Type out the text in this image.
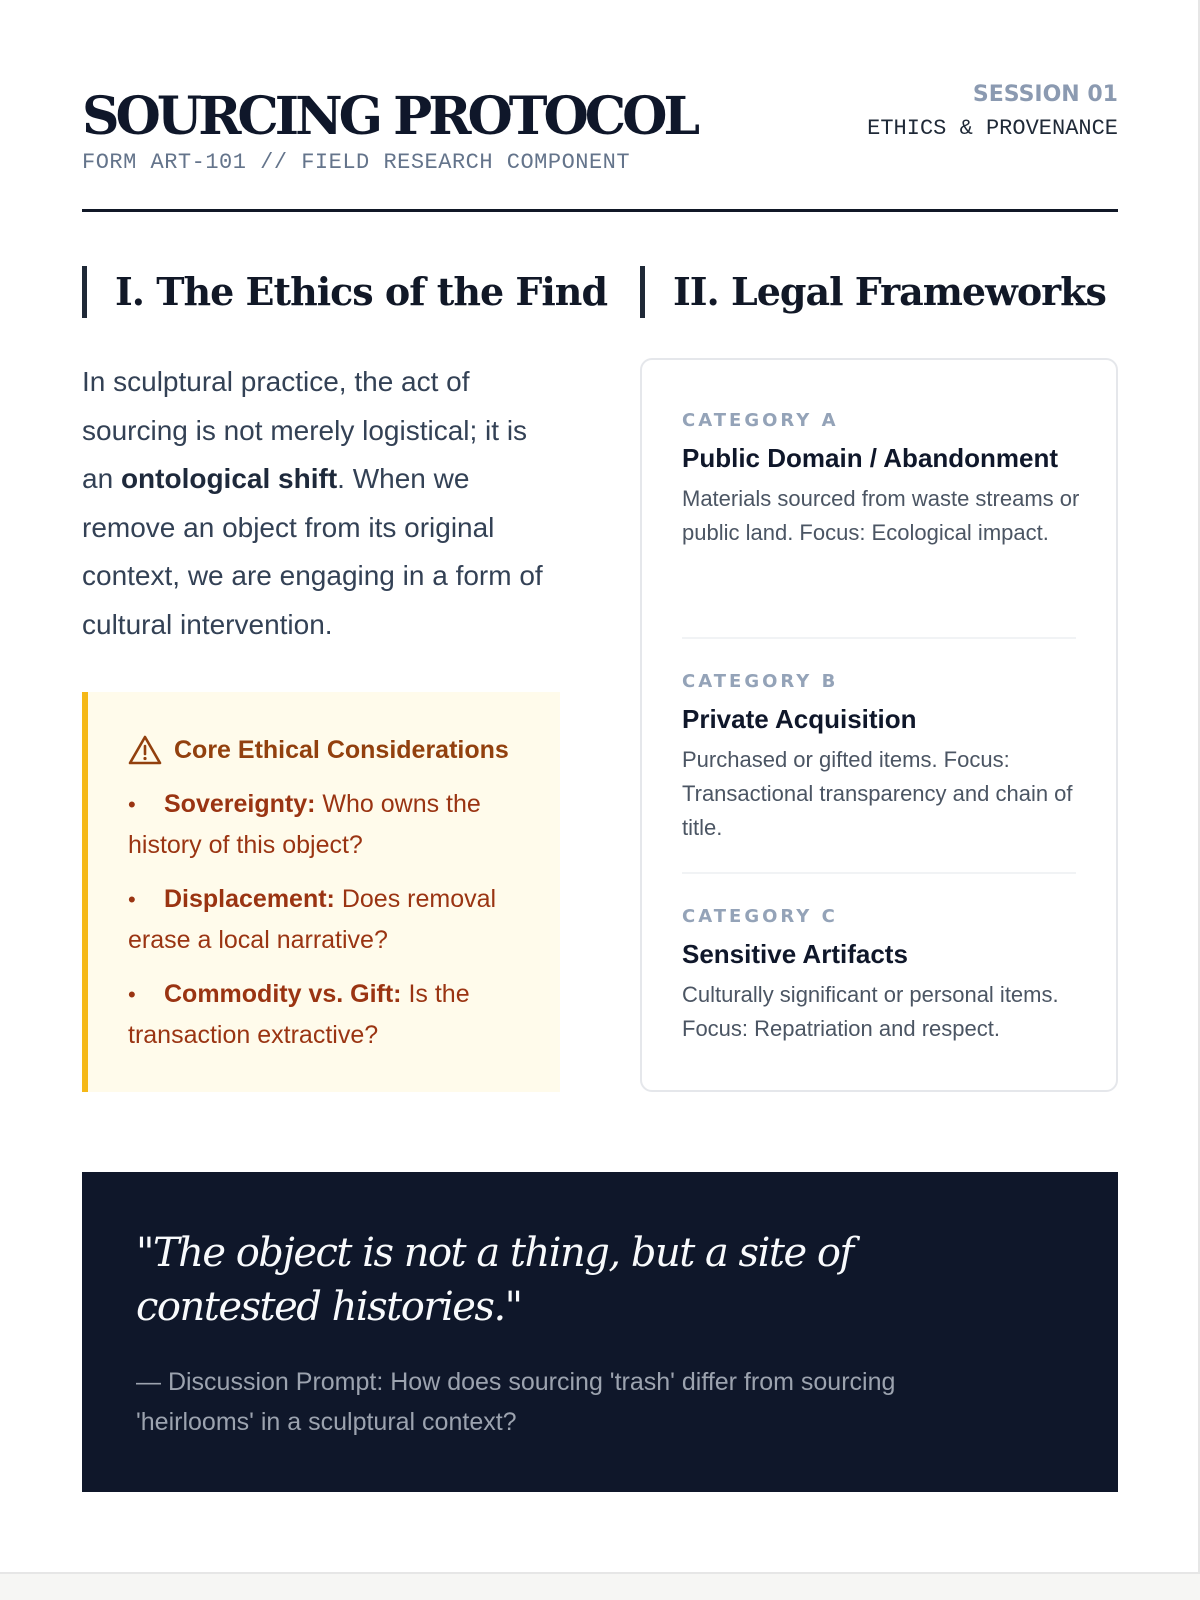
SOURCING PROTOCOL
FORM ART-101 // FIELD RESEARCH COMPONENT
SESSION 01
ETHICS & PROVENANCE
I. The Ethics of the Find	II. Legal Frameworks

In sculptural practice, the act of sourcing is not merely logistical; it is an ontological shift. When we remove an object from its original context, we are engaging in a form of cultural intervention.

Core Ethical Considerations
• Sovereignty: Who owns the history of this object?
• Displacement: Does removal erase a local narrative?
• Commodity vs. Gift: Is the transaction extractive?
CATEGORY A
Public Domain / Abandonment
Materials sourced from waste streams or public land. Focus: Ecological impact.
CATEGORY B
Private Acquisition
Purchased or gifted items. Focus: Transactional transparency and chain of title.
CATEGORY C
Sensitive Artifacts
Culturally significant or personal items. Focus: Repatriation and respect.
"The object is not a thing, but a site of contested histories."
— Discussion Prompt: How does sourcing 'trash' differ from sourcing 'heirlooms' in a sculptural context?
